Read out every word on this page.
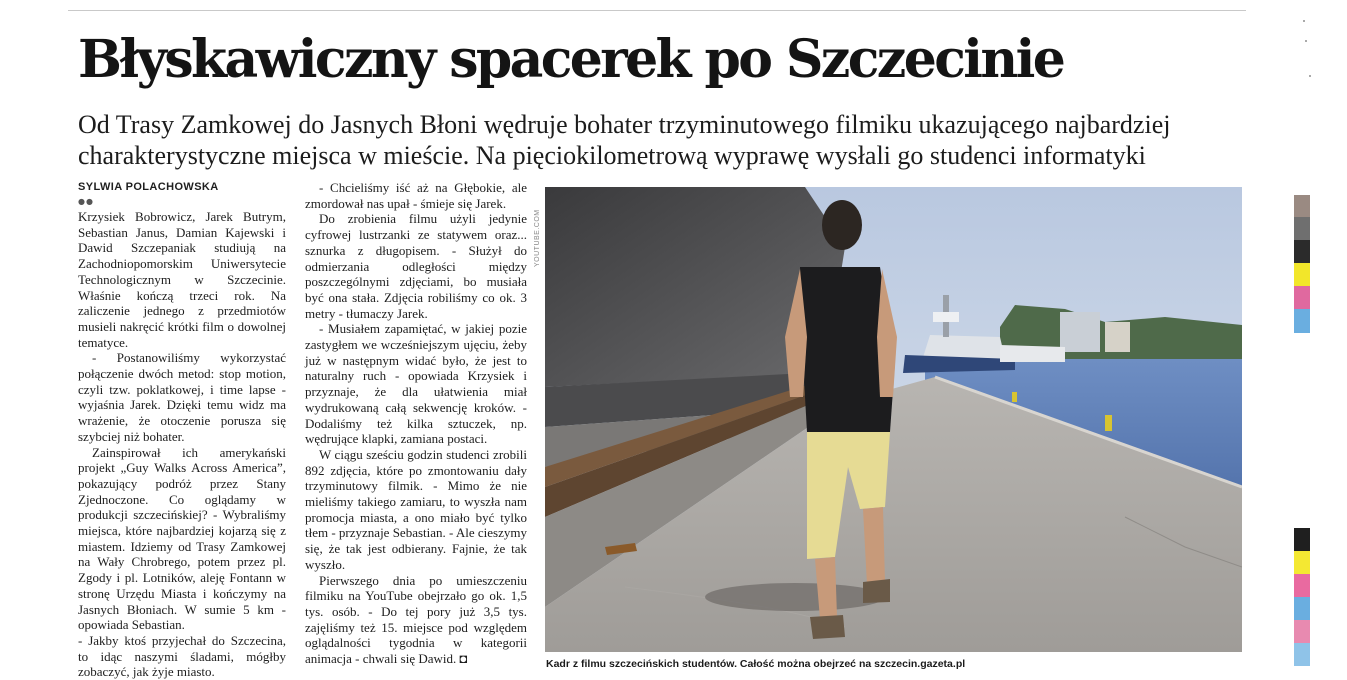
Błyskawiczny spacerek po Szczecinie

Od Trasy Zamkowej do Jasnych Błoni wędruje bohater trzyminutowego filmiku ukazującego najbardziej charakterystyczne miejsca w mieście. Na pięciokilometrową wyprawę wysłali go studenci informatyki

SYLWIA POLACHOWSKA
●●

Krzysiek Bobrowicz, Jarek Butrym, Sebastian Janus, Damian Kajewski i Dawid Szczepaniak studiują na Zachodniopomorskim Uniwersytecie Technologicznym w Szczecinie. Właśnie kończą trzeci rok. Na zaliczenie jednego z przedmiotów musieli nakręcić krótki film o dowolnej tematyce.

- Postanowiliśmy wykorzystać połączenie dwóch metod: stop motion, czyli tzw. poklatkowej, i time lapse - wyjaśnia Jarek. Dzięki temu widz ma wrażenie, że otoczenie porusza się szybciej niż bohater.

Zainspirował ich amerykański projekt „Guy Walks Across America”, pokazujący podróż przez Stany Zjednoczone. Co oglądamy w produkcji szczecińskiej? - Wybraliśmy miejsca, które najbardziej kojarzą się z miastem. Idziemy od Trasy Zamkowej na Wały Chrobrego, potem przez pl. Zgody i pl. Lotników, aleję Fontann w stronę Urzędu Miasta i kończymy na Jasnych Błoniach. W sumie 5 km - opowiada Sebastian.

- Jakby ktoś przyjechał do Szczecina, to idąc naszymi śladami, mógłby zobaczyć, jak żyje miasto.

- Chcieliśmy iść aż na Głębokie, ale zmordował nas upał - śmieje się Jarek.

Do zrobienia filmu użyli jedynie cyfrowej lustrzanki ze statywem oraz... sznurka z długopisem. - Służył do odmierzania odległości między poszczególnymi zdjęciami, bo musiała być ona stała. Zdjęcia robiliśmy co ok. 3 metry - tłumaczy Jarek.

- Musiałem zapamiętać, w jakiej pozie zastygłem we wcześniejszym ujęciu, żeby już w następnym widać było, że jest to naturalny ruch - opowiada Krzysiek i przyznaje, że dla ułatwienia miał wydrukowaną całą sekwencję kroków. - Dodaliśmy też kilka sztuczek, np. wędrujące klapki, zamiana postaci.

W ciągu sześciu godzin studenci zrobili 892 zdjęcia, które po zmontowaniu dały trzyminutowy filmik. - Mimo że nie mieliśmy takiego zamiaru, to wyszła nam promocja miasta, a ono miało być tylko tłem - przyznaje Sebastian. - Ale cieszymy się, że tak jest odbierany. Fajnie, że tak wyszło.

Pierwszego dnia po umieszczeniu filmiku na YouTube obejrzało go ok. 1,5 tys. osób. - Do tej pory już 3,5 tys. zajęliśmy też 15. miejsce pod względem oglądalności tygodnia w kategorii animacja - chwali się Dawid. ◘

YOUTUBE.COM
Kadr z filmu szczecińskich studentów. Całość można obejrzeć na szczecin.gazeta.pl
